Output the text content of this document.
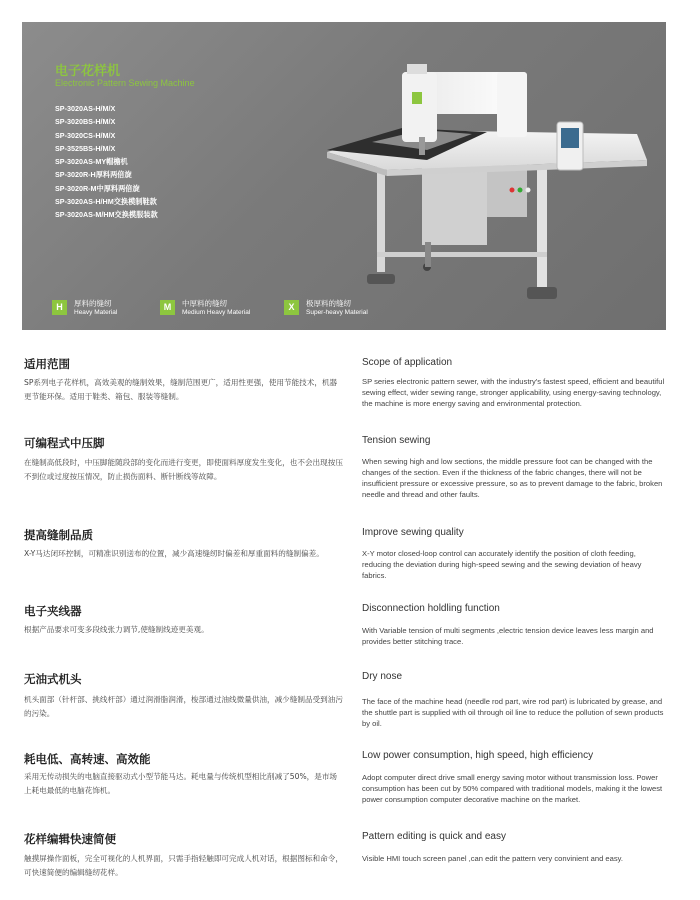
电子花样机
Electronic Pattern Sewing Machine
SP-3020AS-H/M/X
SP-3020BS-H/M/X
SP-3020CS-H/M/X
SP-3525BS-H/M/X
SP-3020AS-MY帽檐机
SP-3020R-H厚料两倍旋
SP-3020R-M中厚料两倍旋
SP-3020AS-H/HM交换模制鞋款
SP-3020AS-M/HM交换模服装款
H	厚料的缝纫
Heavy Material
M	中厚料的缝纫
Medium Heavy Material
X	极厚料的缝纫
Super-heavy Material
适用范围
SP系列电子花样机，高效美观的缝制效果，缝制范围更广，适用性更强，使用节能技术，机器更节能环保。适用于鞋类、箱包、服装等缝制。
Scope of application
SP series electronic pattern sewer, with the industry's fastest speed, efficient and beautiful sewing effect, wider sewing range, stronger applicability, using energy-saving technology, the machine is more energy saving and environmental protection.
可编程式中压脚
在缝制高低段时，中压脚能随段部的变化而进行变更，即使面料厚度发生变化，也不会出现按压不到位或过度按压情况，防止损伤面料、断针断线等故障。
Tension sewing
When sewing high and low sections, the middle pressure foot can be changed with the changes of the section. Even if the thickness of the fabric changes, there will not be insufficient pressure or excessive pressure, so as to prevent damage to the fabric, broken needle and thread and other faults.
提高缝制品质
X-Y马达闭环控制，可精准识别送布的位置，减少高速缝纫时偏差和厚重面料的缝制偏差。
Improve sewing quality
X-Y motor closed-loop control can accurately identify the position of cloth feeding, reducing the deviation during high-speed sewing and the sewing deviation of heavy fabrics.
电子夹线器
根据产品要求可变多段线张力调节,使缝制线迹更美观。
Disconnection holdling function
With Variable tension of multi segments ,electric tension device leaves less margin and provides better stitching trace.
无油式机头
机头面部（针杆部、挑线杆部）通过润滑脂润滑，梭部通过油线微量供油，减少缝制品受到油污的污染。
Dry nose
The face of the machine head (needle rod part, wire rod part) is lubricated by grease, and the shuttle part is supplied with oil through oil line to reduce the pollution of sewn products by oil.
耗电低、高转速、高效能
采用无传动损失的电脑直接驱动式小型节能马达。耗电量与传统机型相比削减了50%，是市场上耗电最低的电脑花饰机。
Low power consumption, high speed, high efficiency
Adopt computer direct drive small energy saving motor without transmission loss. Power consumption has been cut by 50% compared with traditional models, making it the lowest power consumption computer decorative machine on the market.
花样编辑快速简便
触摸屏操作面板，完全可视化的人机界面，只需手指轻触即可完成人机对话，根据图标和命令，可快速简便的编辑缝纫花样。
Pattern editing is quick and easy
Visible HMI touch screen panel ,can edit the pattern very convinient and easy.
